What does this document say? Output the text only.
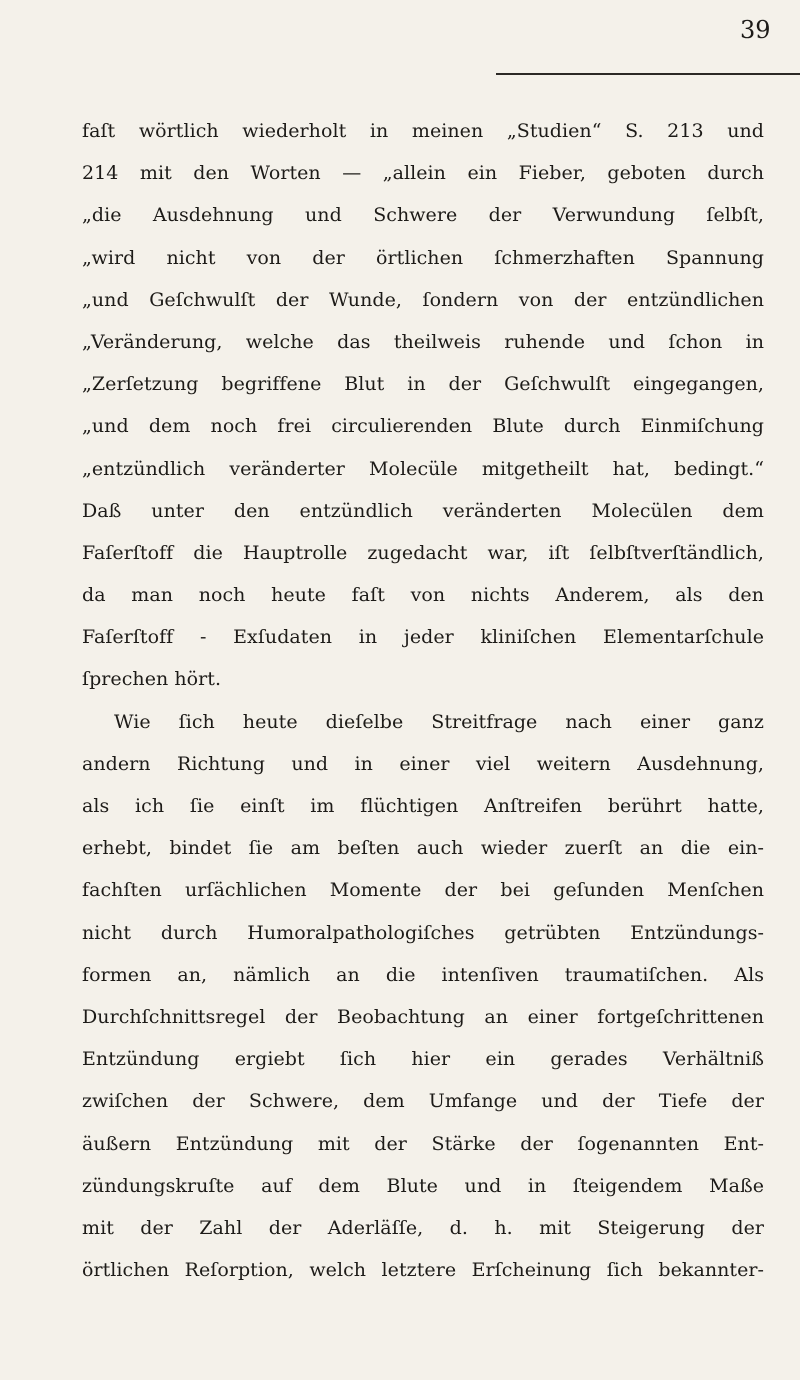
39
faſt wörtlich wiederholt in meinen „Studien“ S. 213 und
214 mit den Worten — „allein ein Fieber, geboten durch
„die Ausdehnung und Schwere der Verwundung ſelbſt,
„wird nicht von der örtlichen ſchmerzhaften Spannung
„und Geſchwulſt der Wunde, ſondern von der entzündlichen
„Veränderung, welche das theilweis ruhende und ſchon in
„Zerſetzung begriffene Blut in der Geſchwulſt eingegangen,
„und dem noch frei circulierenden Blute durch Einmiſchung
„entzündlich veränderter Molecüle mitgetheilt hat, bedingt.“
Daß unter den entzündlich veränderten Molecülen dem
Faſerſtoff die Hauptrolle zugedacht war, iſt ſelbſtverſtändlich,
da man noch heute faſt von nichts Anderem, als den
Faſerſtoff - Exſudaten in jeder kliniſchen Elementarſchule
ſprechen hört.
Wie ſich heute dieſelbe Streitfrage nach einer ganz
andern Richtung und in einer viel weitern Ausdehnung,
als ich ſie einſt im flüchtigen Anſtreifen berührt hatte,
erhebt, bindet ſie am beſten auch wieder zuerſt an die ein-
fachſten urſächlichen Momente der bei geſunden Menſchen
nicht durch Humoralpathologiſches getrübten Entzündungs-
formen an, nämlich an die intenſiven traumatiſchen. Als
Durchſchnittsregel der Beobachtung an einer fortgeſchrittenen
Entzündung ergiebt ſich hier ein gerades Verhältniß
zwiſchen der Schwere, dem Umfange und der Tiefe der
äußern Entzündung mit der Stärke der ſogenannten Ent-
zündungskruſte auf dem Blute und in ſteigendem Maße
mit der Zahl der Aderläſſe, d. h. mit Steigerung der
örtlichen Reſorption, welch letztere Erſcheinung ſich bekannter-
